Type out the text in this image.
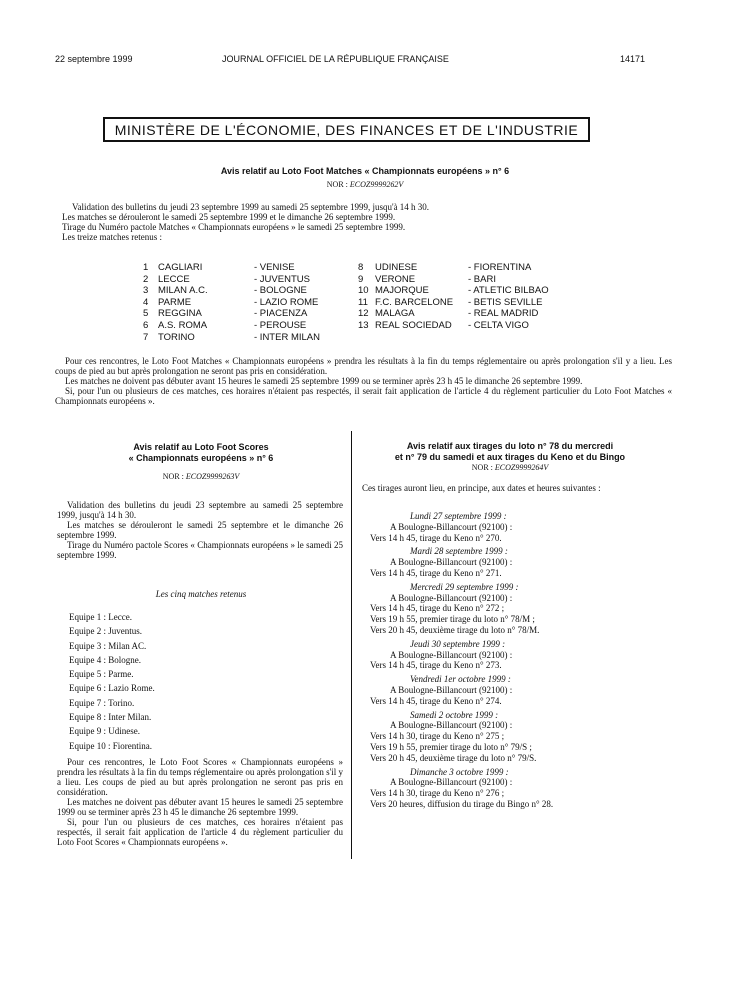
22 septembre 1999	JOURNAL OFFICIEL DE LA RÉPUBLIQUE FRANÇAISE	14171
MINISTÈRE DE L'ÉCONOMIE, DES FINANCES ET DE L'INDUSTRIE
Avis relatif au Loto Foot Matches « Championnats européens » n° 6
NOR : ECOZ9999262V
Validation des bulletins du jeudi 23 septembre 1999 au samedi 25 septembre 1999, jusqu'à 14 h 30.
Les matches se dérouleront le samedi 25 septembre 1999 et le dimanche 26 septembre 1999.
Tirage du Numéro pactole Matches « Championnats européens » le samedi 25 septembre 1999.
Les treize matches retenus :
1
2
3
4
5
6
7
CAGLIARI
LECCE
MILAN A.C.
PARME
REGGINA
A.S. ROMA
TORINO
- VENISE
- JUVENTUS
- BOLOGNE
- LAZIO ROME
- PIACENZA
- PEROUSE
- INTER MILAN
8
9
10
11
12
13
UDINESE
VERONE
MAJORQUE
F.C. BARCELONE
MALAGA
REAL SOCIEDAD
- FIORENTINA
- BARI
- ATLETIC BILBAO
- BETIS SEVILLE
- REAL MADRID
- CELTA VIGO
Pour ces rencontres, le Loto Foot Matches « Championnats européens » prendra les résultats à la fin du temps réglementaire ou après prolongation s'il y a lieu. Les coups de pied au but après prolongation ne seront pas pris en considération.
Les matches ne doivent pas débuter avant 15 heures le samedi 25 septembre 1999 ou se terminer après 23 h 45 le dimanche 26 septembre 1999.
Si, pour l'un ou plusieurs de ces matches, ces horaires n'étaient pas respectés, il serait fait application de l'article 4 du règlement particulier du Loto Foot Matches « Championnats européens ».
Avis relatif au Loto Foot Scores
« Championnats européens » n° 6
NOR : ECOZ9999263V
Validation des bulletins du jeudi 23 septembre au samedi 25 septembre 1999, jusqu'à 14 h 30.
Les matches se dérouleront le samedi 25 septembre et le dimanche 26 septembre 1999.
Tirage du Numéro pactole Scores « Championnats européens » le samedi 25 septembre 1999.
Les cinq matches retenus
Equipe 1 : Lecce.
Equipe 2 : Juventus.
Equipe 3 : Milan AC.
Equipe 4 : Bologne.
Equipe 5 : Parme.
Equipe 6 : Lazio Rome.
Equipe 7 : Torino.
Equipe 8 : Inter Milan.
Equipe 9 : Udinese.
Equipe 10 : Fiorentina.
Pour ces rencontres, le Loto Foot Scores « Championnats européens » prendra les résultats à la fin du temps réglementaire ou après prolongation s'il y a lieu. Les coups de pied au but après prolongation ne seront pas pris en considération.
Les matches ne doivent pas débuter avant 15 heures le samedi 25 septembre 1999 ou se terminer après 23 h 45 le dimanche 26 septembre 1999.
Si, pour l'un ou plusieurs de ces matches, ces horaires n'étaient pas respectés, il serait fait application de l'article 4 du règlement particulier du Loto Foot Scores « Championnats européens ».
Avis relatif aux tirages du loto n° 78 du mercredi
et n° 79 du samedi et aux tirages du Keno et du Bingo
NOR : ECOZ9999264V
Ces tirages auront lieu, en principe, aux dates et heures suivantes :
Lundi 27 septembre 1999 :
A Boulogne-Billancourt (92100) :
Vers 14 h 45, tirage du Keno n° 270.
Mardi 28 septembre 1999 :
A Boulogne-Billancourt (92100) :
Vers 14 h 45, tirage du Keno n° 271.
Mercredi 29 septembre 1999 :
A Boulogne-Billancourt (92100) :
Vers 14 h 45, tirage du Keno n° 272 ;
Vers 19 h 55, premier tirage du loto n° 78/M ;
Vers 20 h 45, deuxième tirage du loto n° 78/M.
Jeudi 30 septembre 1999 :
A Boulogne-Billancourt (92100) :
Vers 14 h 45, tirage du Keno n° 273.
Vendredi 1er octobre 1999 :
A Boulogne-Billancourt (92100) :
Vers 14 h 45, tirage du Keno n° 274.
Samedi 2 octobre 1999 :
A Boulogne-Billancourt (92100) :
Vers 14 h 30, tirage du Keno n° 275 ;
Vers 19 h 55, premier tirage du loto n° 79/S ;
Vers 20 h 45, deuxième tirage du loto n° 79/S.
Dimanche 3 octobre 1999 :
A Boulogne-Billancourt (92100) :
Vers 14 h 30, tirage du Keno n° 276 ;
Vers 20 heures, diffusion du tirage du Bingo n° 28.
